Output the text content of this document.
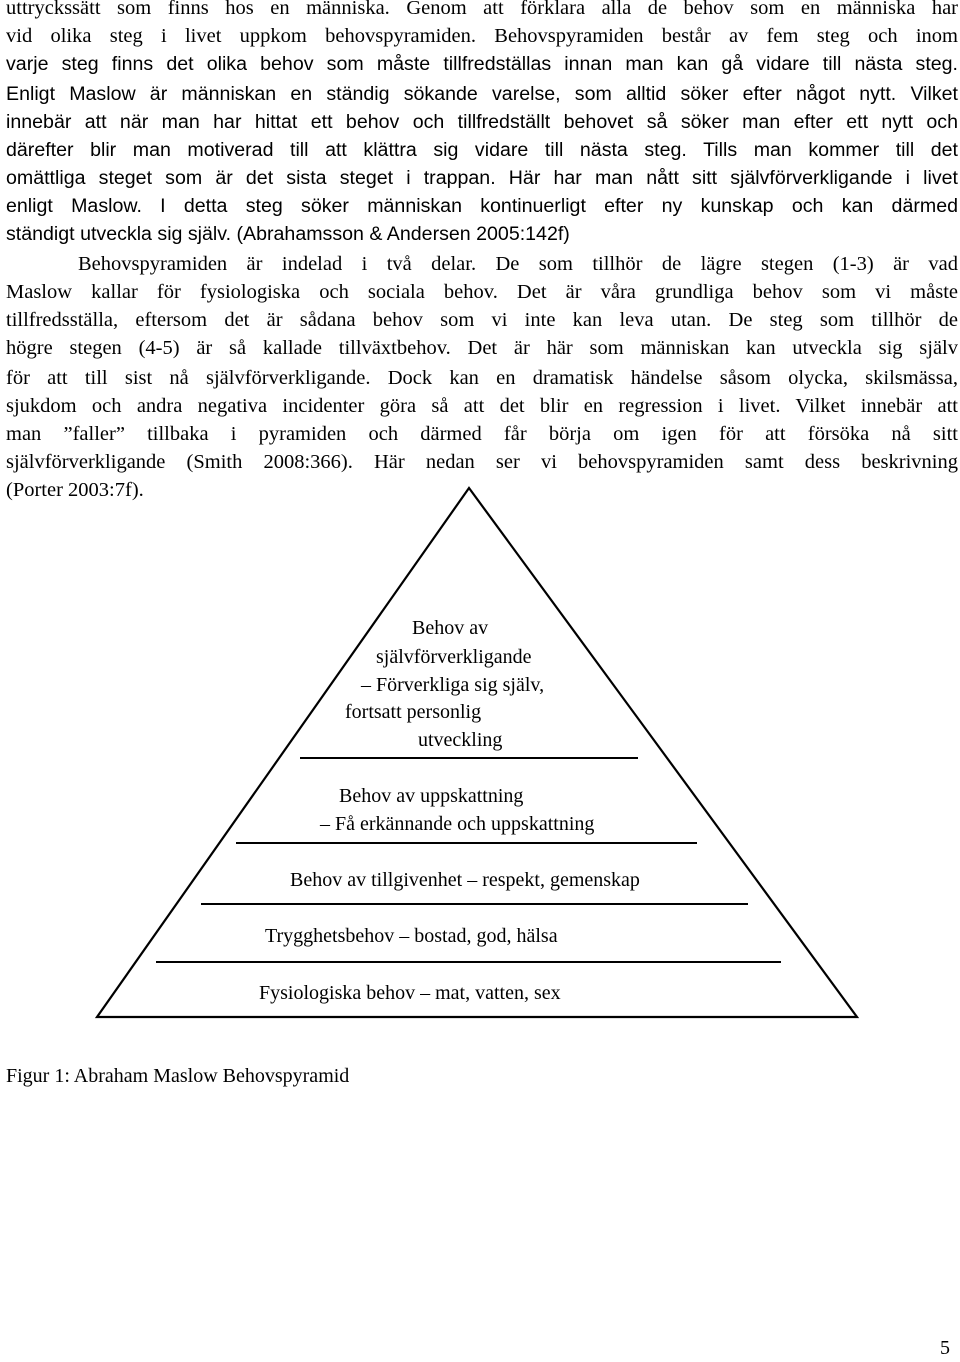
uttryckssätt som finns hos en människa. Genom att förklara alla de behov som en människa har
vid olika steg i livet uppkom behovspyramiden. Behovspyramiden består av fem steg och inom
varje steg finns det olika behov som måste tillfredställas innan man kan gå vidare till nästa steg.
Enligt Maslow är människan en ständig sökande varelse, som alltid söker efter något nytt. Vilket
innebär att när man har hittat ett behov och tillfredställt behovet så söker man efter ett nytt och
därefter blir man motiverad till att klättra sig vidare till nästa steg. Tills man kommer till det
omättliga steget som är det sista steget i trappan. Här har man nått sitt självförverkligande i livet
enligt Maslow. I detta steg söker människan kontinuerligt efter ny kunskap och kan därmed
ständigt utveckla sig själv. (Abrahamsson & Andersen 2005:142f)
Behovspyramiden är indelad i två delar. De som tillhör de lägre stegen (1-3) är vad
Maslow kallar för fysiologiska och sociala behov. Det är våra grundliga behov som vi måste
tillfredsställa, eftersom det är sådana behov som vi inte kan leva utan. De steg som tillhör de
högre stegen (4-5) är så kallade tillväxtbehov. Det är här som människan kan utveckla sig själv
för att till sist nå självförverkligande. Dock kan en dramatisk händelse såsom olycka, skilsmässa,
sjukdom och andra negativa incidenter göra så att det blir en regression i livet. Vilket innebär att
man ”faller” tillbaka i pyramiden och därmed får börja om igen för att försöka nå sitt
självförverkligande (Smith 2008:366). Här nedan ser vi behovspyramiden samt dess beskrivning
(Porter 2003:7f).
Behov av
självförverkligande
– Förverkliga sig själv,
fortsatt personlig
utveckling
Behov av uppskattning
– Få erkännande och uppskattning
Behov av tillgivenhet – respekt, gemenskap
Trygghetsbehov – bostad, god, hälsa
Fysiologiska behov – mat, vatten, sex
Figur 1: Abraham Maslow Behovspyramid
5
